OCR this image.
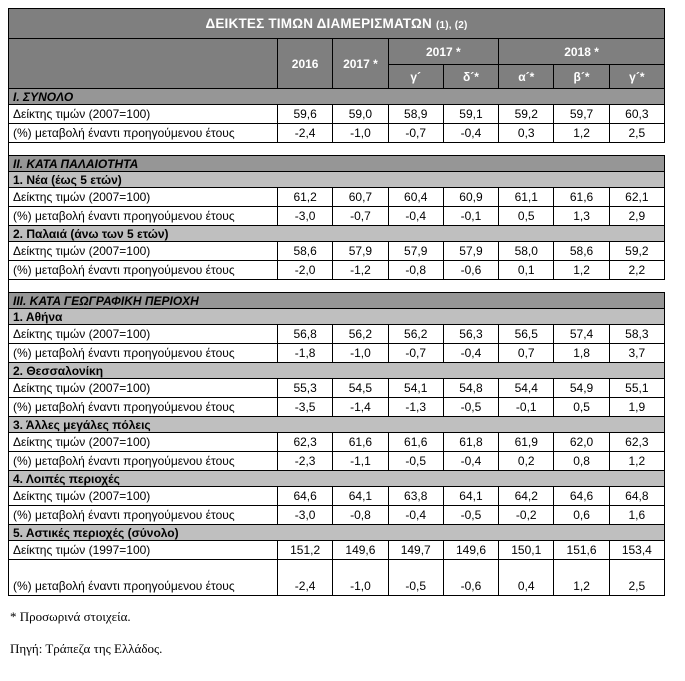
ΔΕΙΚΤΕΣ ΤΙΜΩΝ ΔΙΑΜΕΡΙΣΜΑΤΩΝ (1), (2)							
	2016	2017 *	2017 *		2018 *		
			γ´	δ´*	α´*	β´*	γ´*
Ι. ΣΥΝΟΛΟ							
Δείκτης τιμών (2007=100)	59,6	59,0	58,9	59,1	59,2	59,7	60,3
(%) μεταβολή έναντι προηγούμενου έτους	-2,4	-1,0	-0,7	-0,4	0,3	1,2	2,5

ΙΙ. ΚΑΤΑ ΠΑΛΑΙΟΤΗΤΑ							
1. Νέα (έως 5 ετών)							
Δείκτης τιμών (2007=100)	61,2	60,7	60,4	60,9	61,1	61,6	62,1
(%) μεταβολή έναντι προηγούμενου έτους	-3,0	-0,7	-0,4	-0,1	0,5	1,3	2,9
2. Παλαιά (άνω των 5 ετών)							
Δείκτης τιμών (2007=100)	58,6	57,9	57,9	57,9	58,0	58,6	59,2
(%) μεταβολή έναντι προηγούμενου έτους	-2,0	-1,2	-0,8	-0,6	0,1	1,2	2,2

ΙΙΙ. ΚΑΤΑ ΓΕΩΓΡΑΦΙΚΗ ΠΕΡΙΟΧΗ							
1. Αθήνα							
Δείκτης τιμών (2007=100)	56,8	56,2	56,2	56,3	56,5	57,4	58,3
(%) μεταβολή έναντι προηγούμενου έτους	-1,8	-1,0	-0,7	-0,4	0,7	1,8	3,7
2. Θεσσαλονίκη							
Δείκτης τιμών (2007=100)	55,3	54,5	54,1	54,8	54,4	54,9	55,1
(%) μεταβολή έναντι προηγούμενου έτους	-3,5	-1,4	-1,3	-0,5	-0,1	0,5	1,9
3. Άλλες μεγάλες πόλεις							
Δείκτης τιμών (2007=100)	62,3	61,6	61,6	61,8	61,9	62,0	62,3
(%) μεταβολή έναντι προηγούμενου έτους	-2,3	-1,1	-0,5	-0,4	0,2	0,8	1,2
4. Λοιπές περιοχές							
Δείκτης τιμών (2007=100)	64,6	64,1	63,8	64,1	64,2	64,6	64,8
(%) μεταβολή έναντι προηγούμενου έτους	-3,0	-0,8	-0,4	-0,5	-0,2	0,6	1,6
5. Αστικές περιοχές (σύνολο)							
Δείκτης τιμών (1997=100)	151,2	149,6	149,7	149,6	150,1	151,6	153,4
(%) μεταβολή έναντι προηγούμενου έτους	-2,4	-1,0	-0,5	-0,6	0,4	1,2	2,5

* Προσωρινά στοιχεία.

Πηγή: Τράπεζα της Ελλάδος.
